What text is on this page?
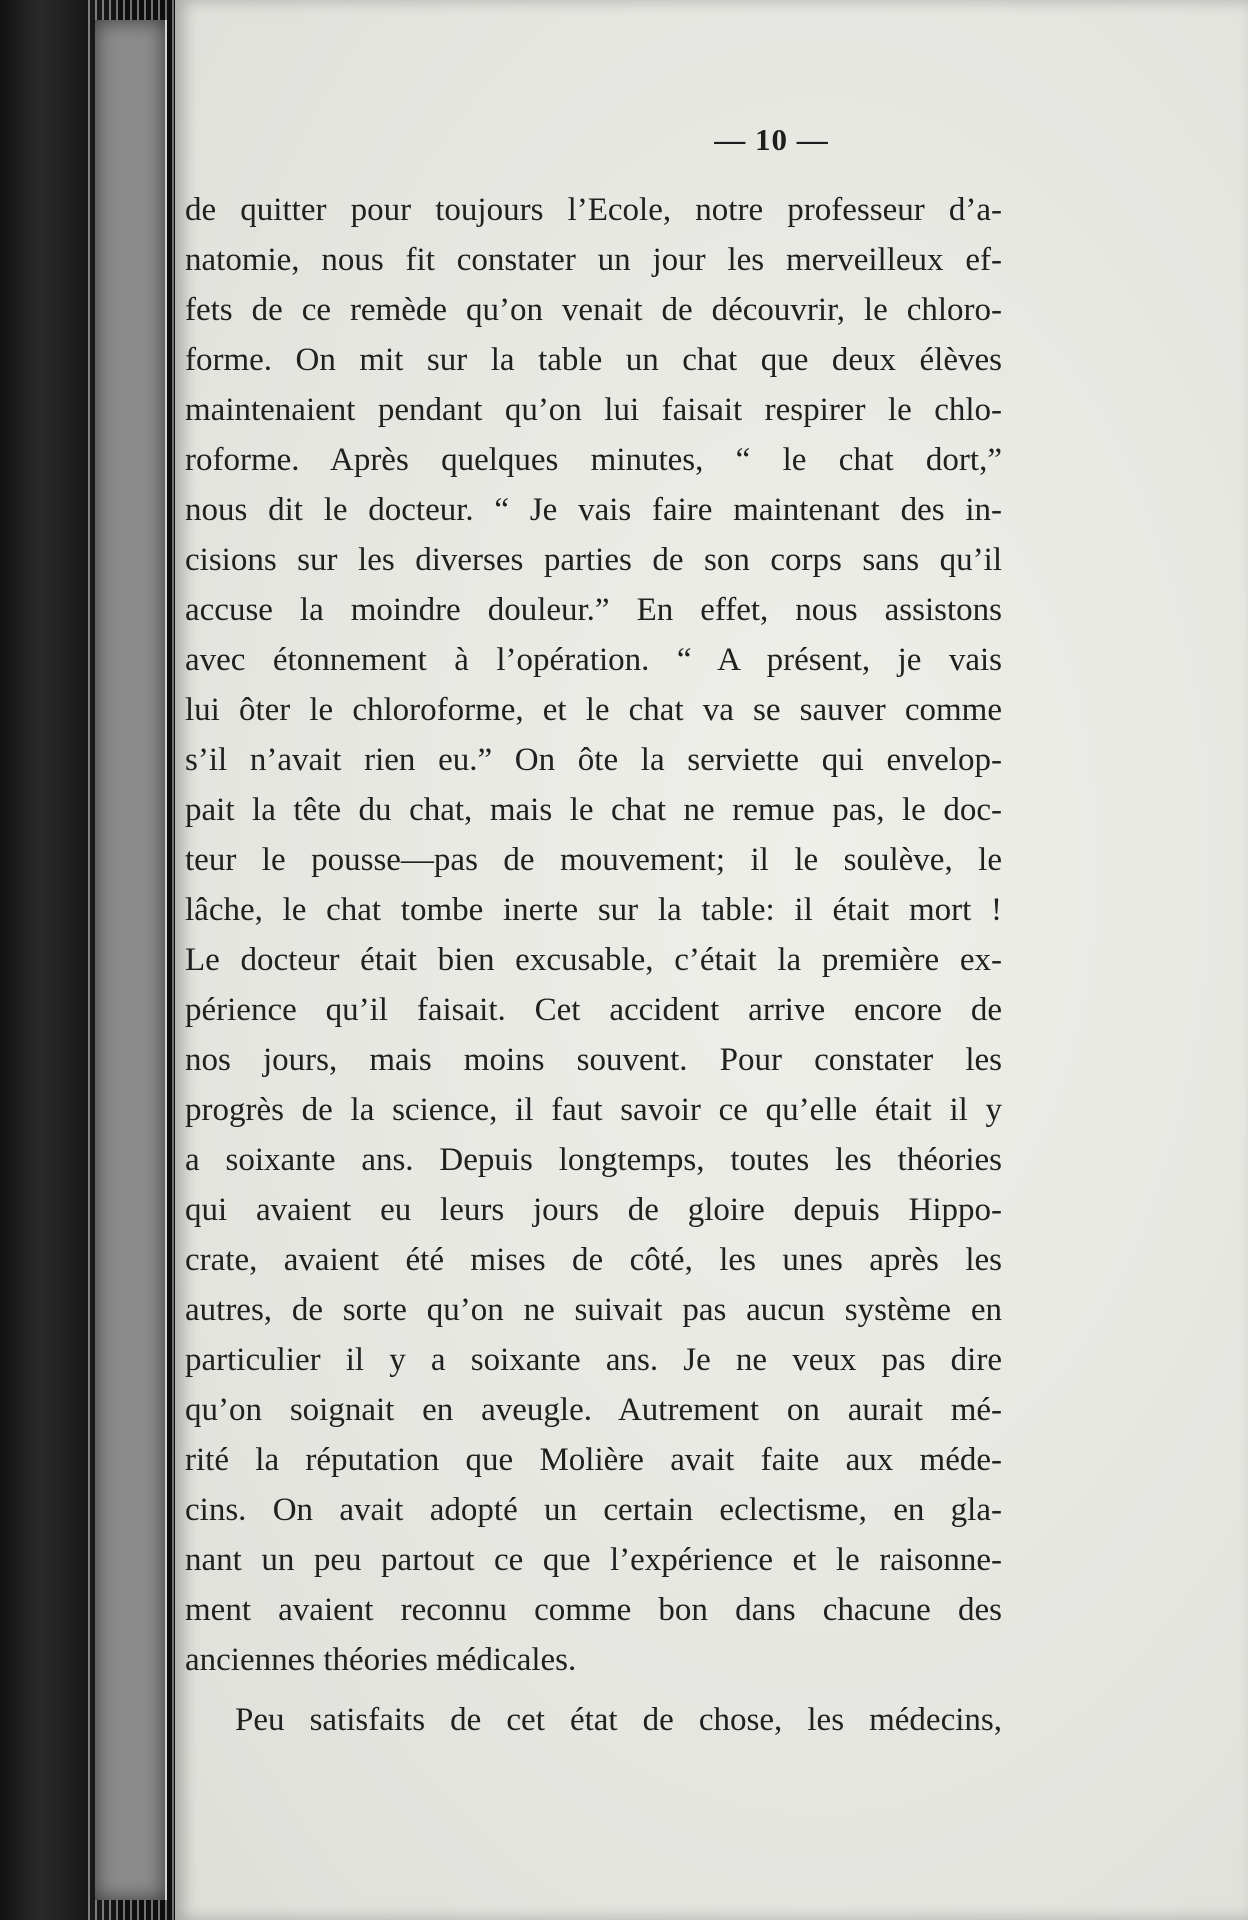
— 10 —
de quitter pour toujours l’Ecole, notre professeur d’a-
natomie, nous fit constater un jour les merveilleux ef-
fets de ce remède qu’on venait de découvrir, le chloro-
forme. On mit sur la table un chat que deux élèves
maintenaient pendant qu’on lui faisait respirer le chlo-
roforme. Après quelques minutes, “ le chat dort,”
nous dit le docteur. “ Je vais faire maintenant des in-
cisions sur les diverses parties de son corps sans qu’il
accuse la moindre douleur.” En effet, nous assistons
avec étonnement à l’opération. “ A présent, je vais
lui ôter le chloroforme, et le chat va se sauver comme
s’il n’avait rien eu.” On ôte la serviette qui envelop-
pait la tête du chat, mais le chat ne remue pas, le doc-
teur le pousse—pas de mouvement; il le soulève, le
lâche, le chat tombe inerte sur la table: il était mort !
Le docteur était bien excusable, c’était la première ex-
périence qu’il faisait. Cet accident arrive encore de
nos jours, mais moins souvent. Pour constater les
progrès de la science, il faut savoir ce qu’elle était il y
a soixante ans. Depuis longtemps, toutes les théories
qui avaient eu leurs jours de gloire depuis Hippo-
crate, avaient été mises de côté, les unes après les
autres, de sorte qu’on ne suivait pas aucun système en
particulier il y a soixante ans. Je ne veux pas dire
qu’on soignait en aveugle. Autrement on aurait mé-
rité la réputation que Molière avait faite aux méde-
cins. On avait adopté un certain eclectisme, en gla-
nant un peu partout ce que l’expérience et le raisonne-
ment avaient reconnu comme bon dans chacune des
anciennes théories médicales.
Peu satisfaits de cet état de chose, les médecins,
